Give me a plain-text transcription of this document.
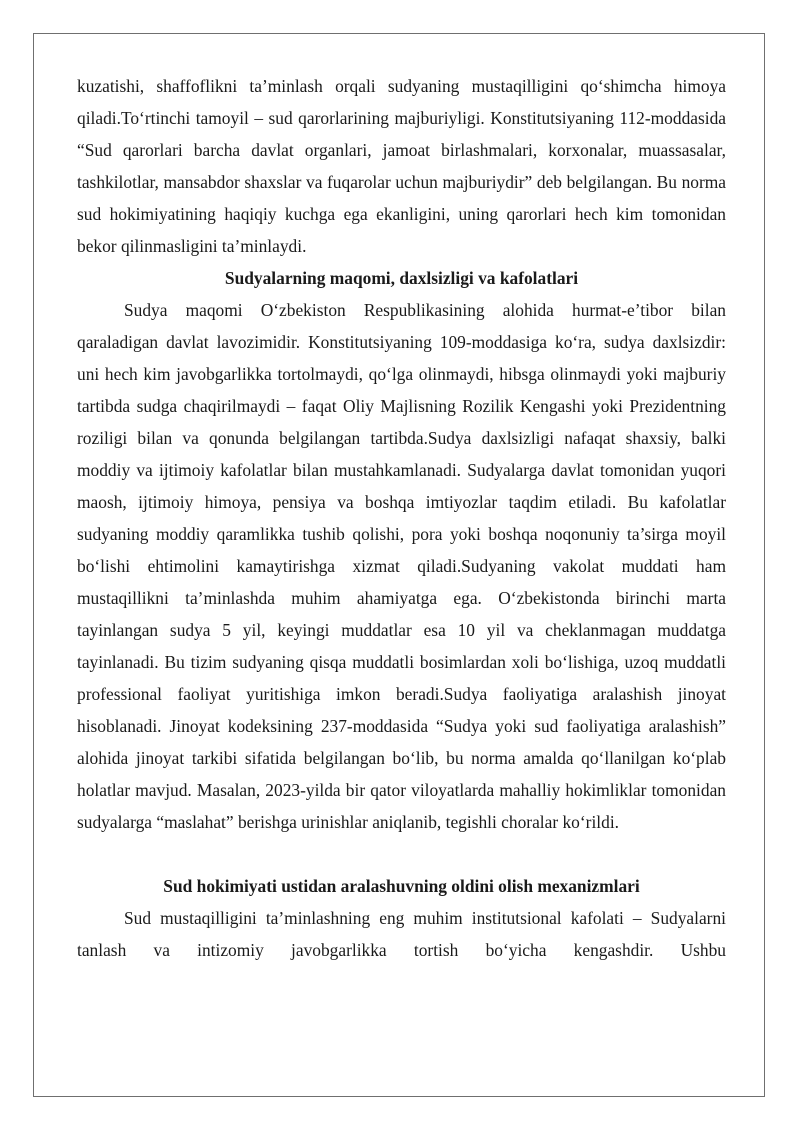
kuzatishi, shaffoflikni ta’minlash orqali sudyaning mustaqilligini qo‘shimcha himoya qiladi.To‘rtinchi tamoyil – sud qarorlarining majburiyligi. Konstitutsiyaning 112-moddasida “Sud qarorlari barcha davlat organlari, jamoat birlashmalari, korxonalar, muassasalar, tashkilotlar, mansabdor shaxslar va fuqarolar uchun majburiydir” deb belgilangan. Bu norma sud hokimiyatining haqiqiy kuchga ega ekanligini, uning qarorlari hech kim tomonidan bekor qilinmasligini ta’minlaydi.

Sudyalarning maqomi, daxlsizligi va kafolatlari

Sudya maqomi O‘zbekiston Respublikasining alohida hurmat-e’tibor bilan qaraladigan davlat lavozimidir. Konstitutsiyaning 109-moddasiga ko‘ra, sudya daxlsizdir: uni hech kim javobgarlikka tortolmaydi, qo‘lga olinmaydi, hibsga olinmaydi yoki majburiy tartibda sudga chaqirilmaydi – faqat Oliy Majlisning Rozilik Kengashi yoki Prezidentning roziligi bilan va qonunda belgilangan tartibda.Sudya daxlsizligi nafaqat shaxsiy, balki moddiy va ijtimoiy kafolatlar bilan mustahkamlanadi. Sudyalarga davlat tomonidan yuqori maosh, ijtimoiy himoya, pensiya va boshqa imtiyozlar taqdim etiladi. Bu kafolatlar sudyaning moddiy qaramlikka tushib qolishi, pora yoki boshqa noqonuniy ta’sirga moyil bo‘lishi ehtimolini kamaytirishga xizmat qiladi.Sudyaning vakolat muddati ham mustaqillikni ta’minlashda muhim ahamiyatga ega. O‘zbekistonda birinchi marta tayinlangan sudya 5 yil, keyingi muddatlar esa 10 yil va cheklanmagan muddatga tayinlanadi. Bu tizim sudyaning qisqa muddatli bosimlardan xoli bo‘lishiga, uzoq muddatli professional faoliyat yuritishiga imkon beradi.Sudya faoliyatiga aralashish jinoyat hisoblanadi. Jinoyat kodeksining 237-moddasida “Sudya yoki sud faoliyatiga aralashish” alohida jinoyat tarkibi sifatida belgilangan bo‘lib, bu norma amalda qo‘llanilgan ko‘plab holatlar mavjud. Masalan, 2023-yilda bir qator viloyatlarda mahalliy hokimliklar tomonidan sudyalarga “maslahat” berishga urinishlar aniqlanib, tegishli choralar ko‘rildi.

Sud hokimiyati ustidan aralashuvning oldini olish mexanizmlari

Sud mustaqilligini ta’minlashning eng muhim institutsional kafolati – Sudyalarni tanlash va intizomiy javobgarlikka tortish bo‘yicha kengashdir. Ushbu
